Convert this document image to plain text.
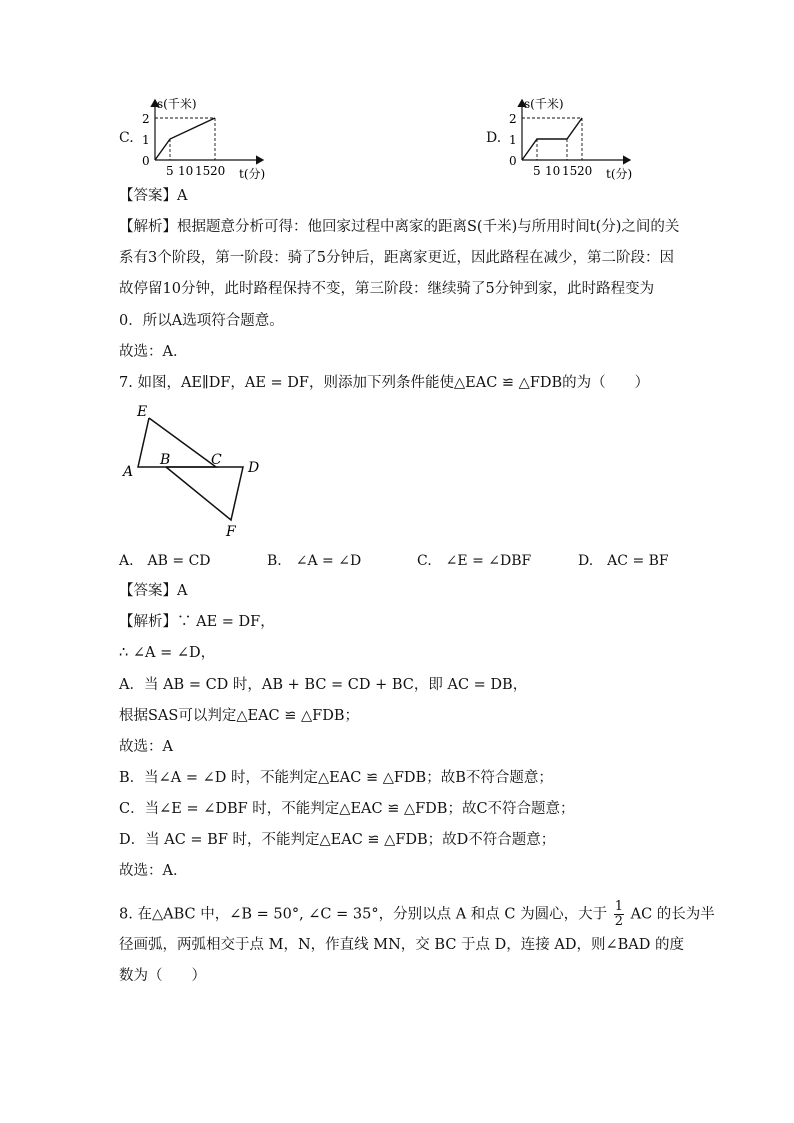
C.
s(千米)
t(分)
0
1
2
5 10 15 20
D.
s(千米)
t(分)
0
1
2
5 10 15 20
【答案】A
【解析】根据题意分析可得：他回家过程中离家的距离S(千米)与所用时间t(分)之间的关
系有3个阶段，第一阶段：骑了5分钟后，距离家更近，因此路程在减少，第二阶段：因
故停留10分钟，此时路程保持不变，第三阶段：继续骑了5分钟到家，此时路程变为
0．所以A选项符合题意。
故选：A．
7. 如图，AE∥DF，AE = DF，则添加下列条件能使△EAC ≌ △FDB的为（　　）
E
A
B	C D
F
A.　AB = CD	B.　∠A = ∠D	C.　∠E = ∠DBF	D.　AC = BF
【答案】A
【解析】∵ AE = DF，
∴ ∠A = ∠D，
A．当 AB = CD 时，AB + BC = CD + BC，即 AC = DB，
根据SAS可以判定△EAC ≌ △FDB；
故选：A
B．当∠A = ∠D 时，不能判定△EAC ≌ △FDB；故B不符合题意；
C．当∠E = ∠DBF 时，不能判定△EAC ≌ △FDB；故C不符合题意；
D．当 AC = BF 时，不能判定△EAC ≌ △FDB；故D不符合题意；
故选：A．
8. 在△ABC 中，∠B = 50°, ∠C = 35°，分别以点 A 和点 C 为圆心，大于 $\frac{1}{2}$ AC 的长为半
径画弧，两弧相交于点 M，N，作直线 MN，交 BC 于点 D，连接 AD，则∠BAD 的度
数为（　　）
